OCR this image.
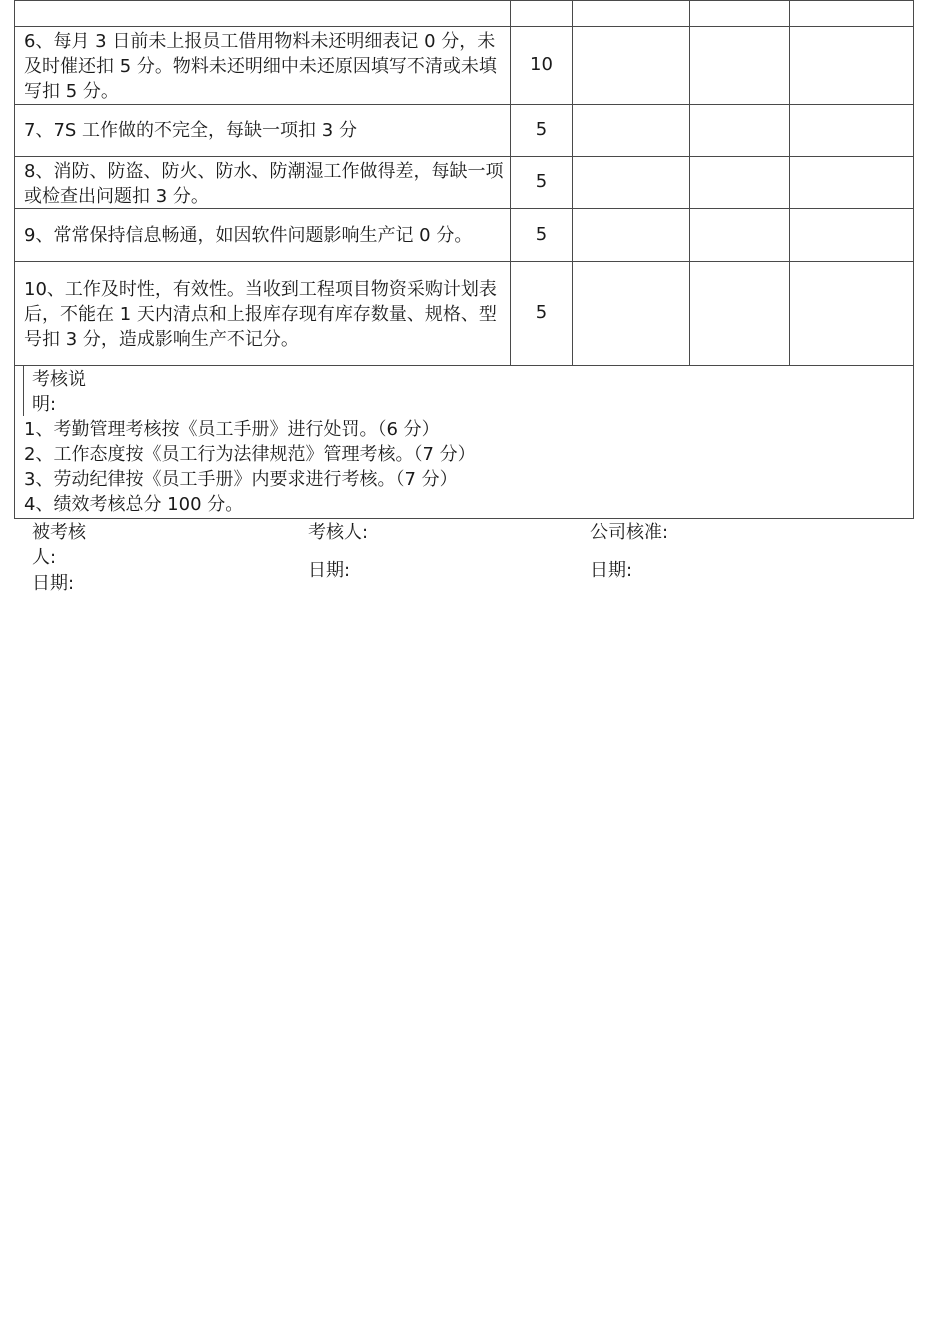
6、每月 3 日前未上报员工借用物料未还明细表记 0 分，未及时催还扣 5 分。物料未还明细中未还原因填写不清或未填写扣 5 分。
10
7、7S 工作做的不完全，每缺一项扣 3 分	5
8、消防、防盗、防火、防水、防潮湿工作做得差，每缺一项或检查出问题扣 3 分。
5
9、常常保持信息畅通，如因软件问题影响生产记 0 分。	5
10、工作及时性，有效性。当收到工程项目物资采购计划表后，不能在 1 天内清点和上报库存现有库存数量、规格、型号扣 3 分，造成影响生产不记分。
5
考核说
明:
1、考勤管理考核按《员工手册》进行处罚。（6 分）
2、工作态度按《员工行为法律规范》管理考核。（7 分）
3、劳动纪律按《员工手册》内要求进行考核。（7 分）
4、绩效考核总分 100 分。
被考核
人:
日期:
考核人:
日期:
公司核准:
日期:
